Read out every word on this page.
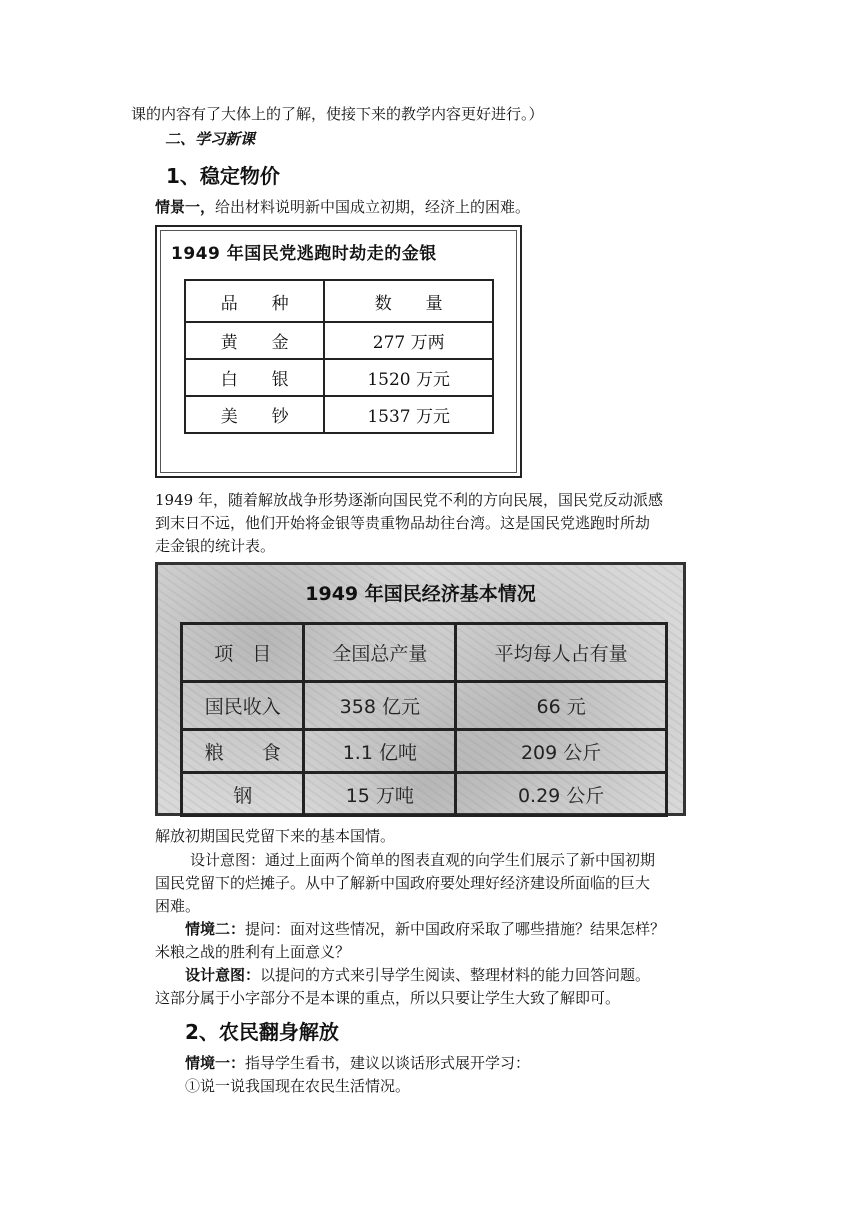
课的内容有了大体上的了解，使接下来的教学内容更好进行。）
二、学习新课
1、稳定物价
情景一，给出材料说明新中国成立初期，经济上的困难。
1949 年国民党逃跑时劫走的金银
品　　种	数　　量
黄　　金	277 万两
白　　银	1520 万元
美　　钞	1537 万元
1949 年，随着解放战争形势逐渐向国民党不利的方向民展，国民党反动派感
到末日不远，他们开始将金银等贵重物品劫往台湾。这是国民党逃跑时所劫
走金银的统计表。
1949 年国民经济基本情况
项　目	全国总产量	平均每人占有量
国民收入	358 亿元	66 元
粮　　食	1.1 亿吨	209 公斤
钢	15 万吨	0.29 公斤
解放初期国民党留下来的基本国情。
设计意图：通过上面两个简单的图表直观的向学生们展示了新中国初期
国民党留下的烂摊子。从中了解新中国政府要处理好经济建设所面临的巨大
困难。
情境二：提问：面对这些情况，新中国政府采取了哪些措施？结果怎样？
米粮之战的胜利有上面意义？
设计意图：以提问的方式来引导学生阅读、整理材料的能力回答问题。
这部分属于小字部分不是本课的重点，所以只要让学生大致了解即可。
2、农民翻身解放
情境一：指导学生看书，建议以谈话形式展开学习：
①说一说我国现在农民生活情况。
